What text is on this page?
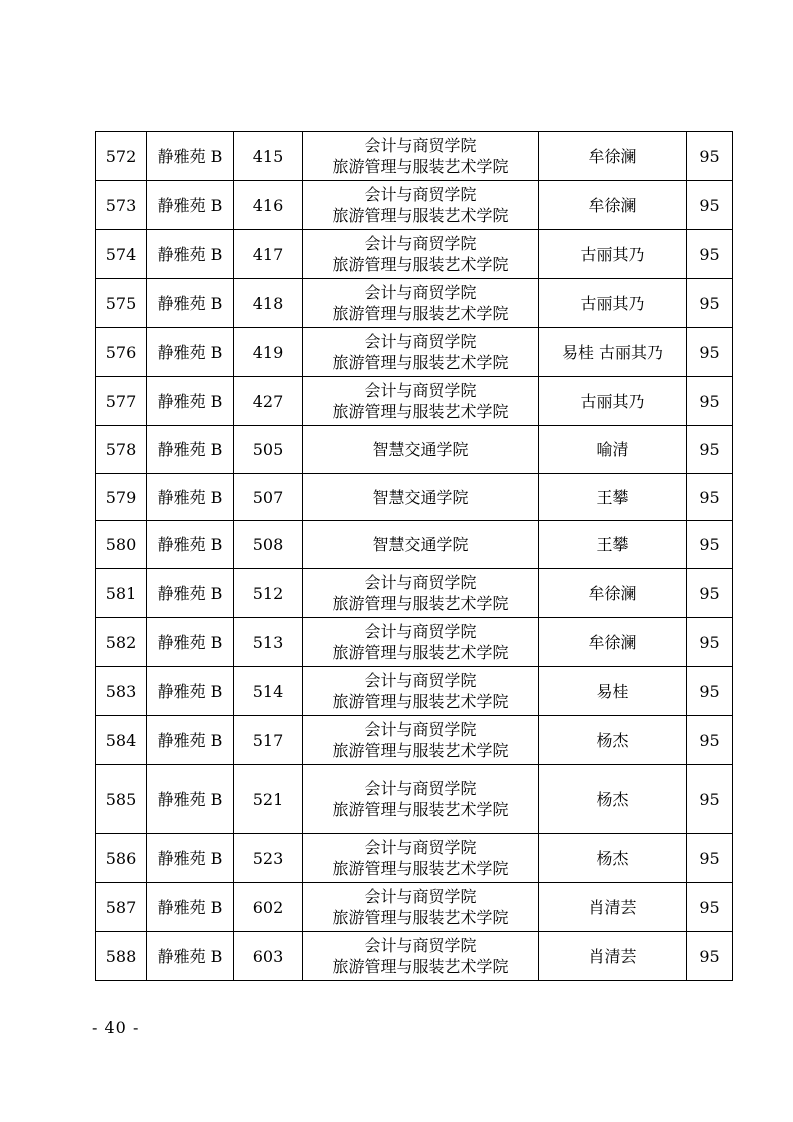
572	静雅苑 B	415	会计与商贸学院
旅游管理与服装艺术学院	牟徐澜	95
573	静雅苑 B	416	会计与商贸学院
旅游管理与服装艺术学院	牟徐澜	95
574	静雅苑 B	417	会计与商贸学院
旅游管理与服装艺术学院	古丽其乃	95
575	静雅苑 B	418	会计与商贸学院
旅游管理与服装艺术学院	古丽其乃	95
576	静雅苑 B	419	会计与商贸学院
旅游管理与服装艺术学院	易桂 古丽其乃	95
577	静雅苑 B	427	会计与商贸学院
旅游管理与服装艺术学院	古丽其乃	95
578	静雅苑 B	505	智慧交通学院	喻清	95
579	静雅苑 B	507	智慧交通学院	王攀	95
580	静雅苑 B	508	智慧交通学院	王攀	95
581	静雅苑 B	512	会计与商贸学院
旅游管理与服装艺术学院	牟徐澜	95
582	静雅苑 B	513	会计与商贸学院
旅游管理与服装艺术学院	牟徐澜	95
583	静雅苑 B	514	会计与商贸学院
旅游管理与服装艺术学院	易桂	95
584	静雅苑 B	517	会计与商贸学院
旅游管理与服装艺术学院	杨杰	95
585	静雅苑 B	521	会计与商贸学院
旅游管理与服装艺术学院	杨杰	95
586	静雅苑 B	523	会计与商贸学院
旅游管理与服装艺术学院	杨杰	95
587	静雅苑 B	602	会计与商贸学院
旅游管理与服装艺术学院	肖清芸	95
588	静雅苑 B	603	会计与商贸学院
旅游管理与服装艺术学院	肖清芸	95
- 40 -
